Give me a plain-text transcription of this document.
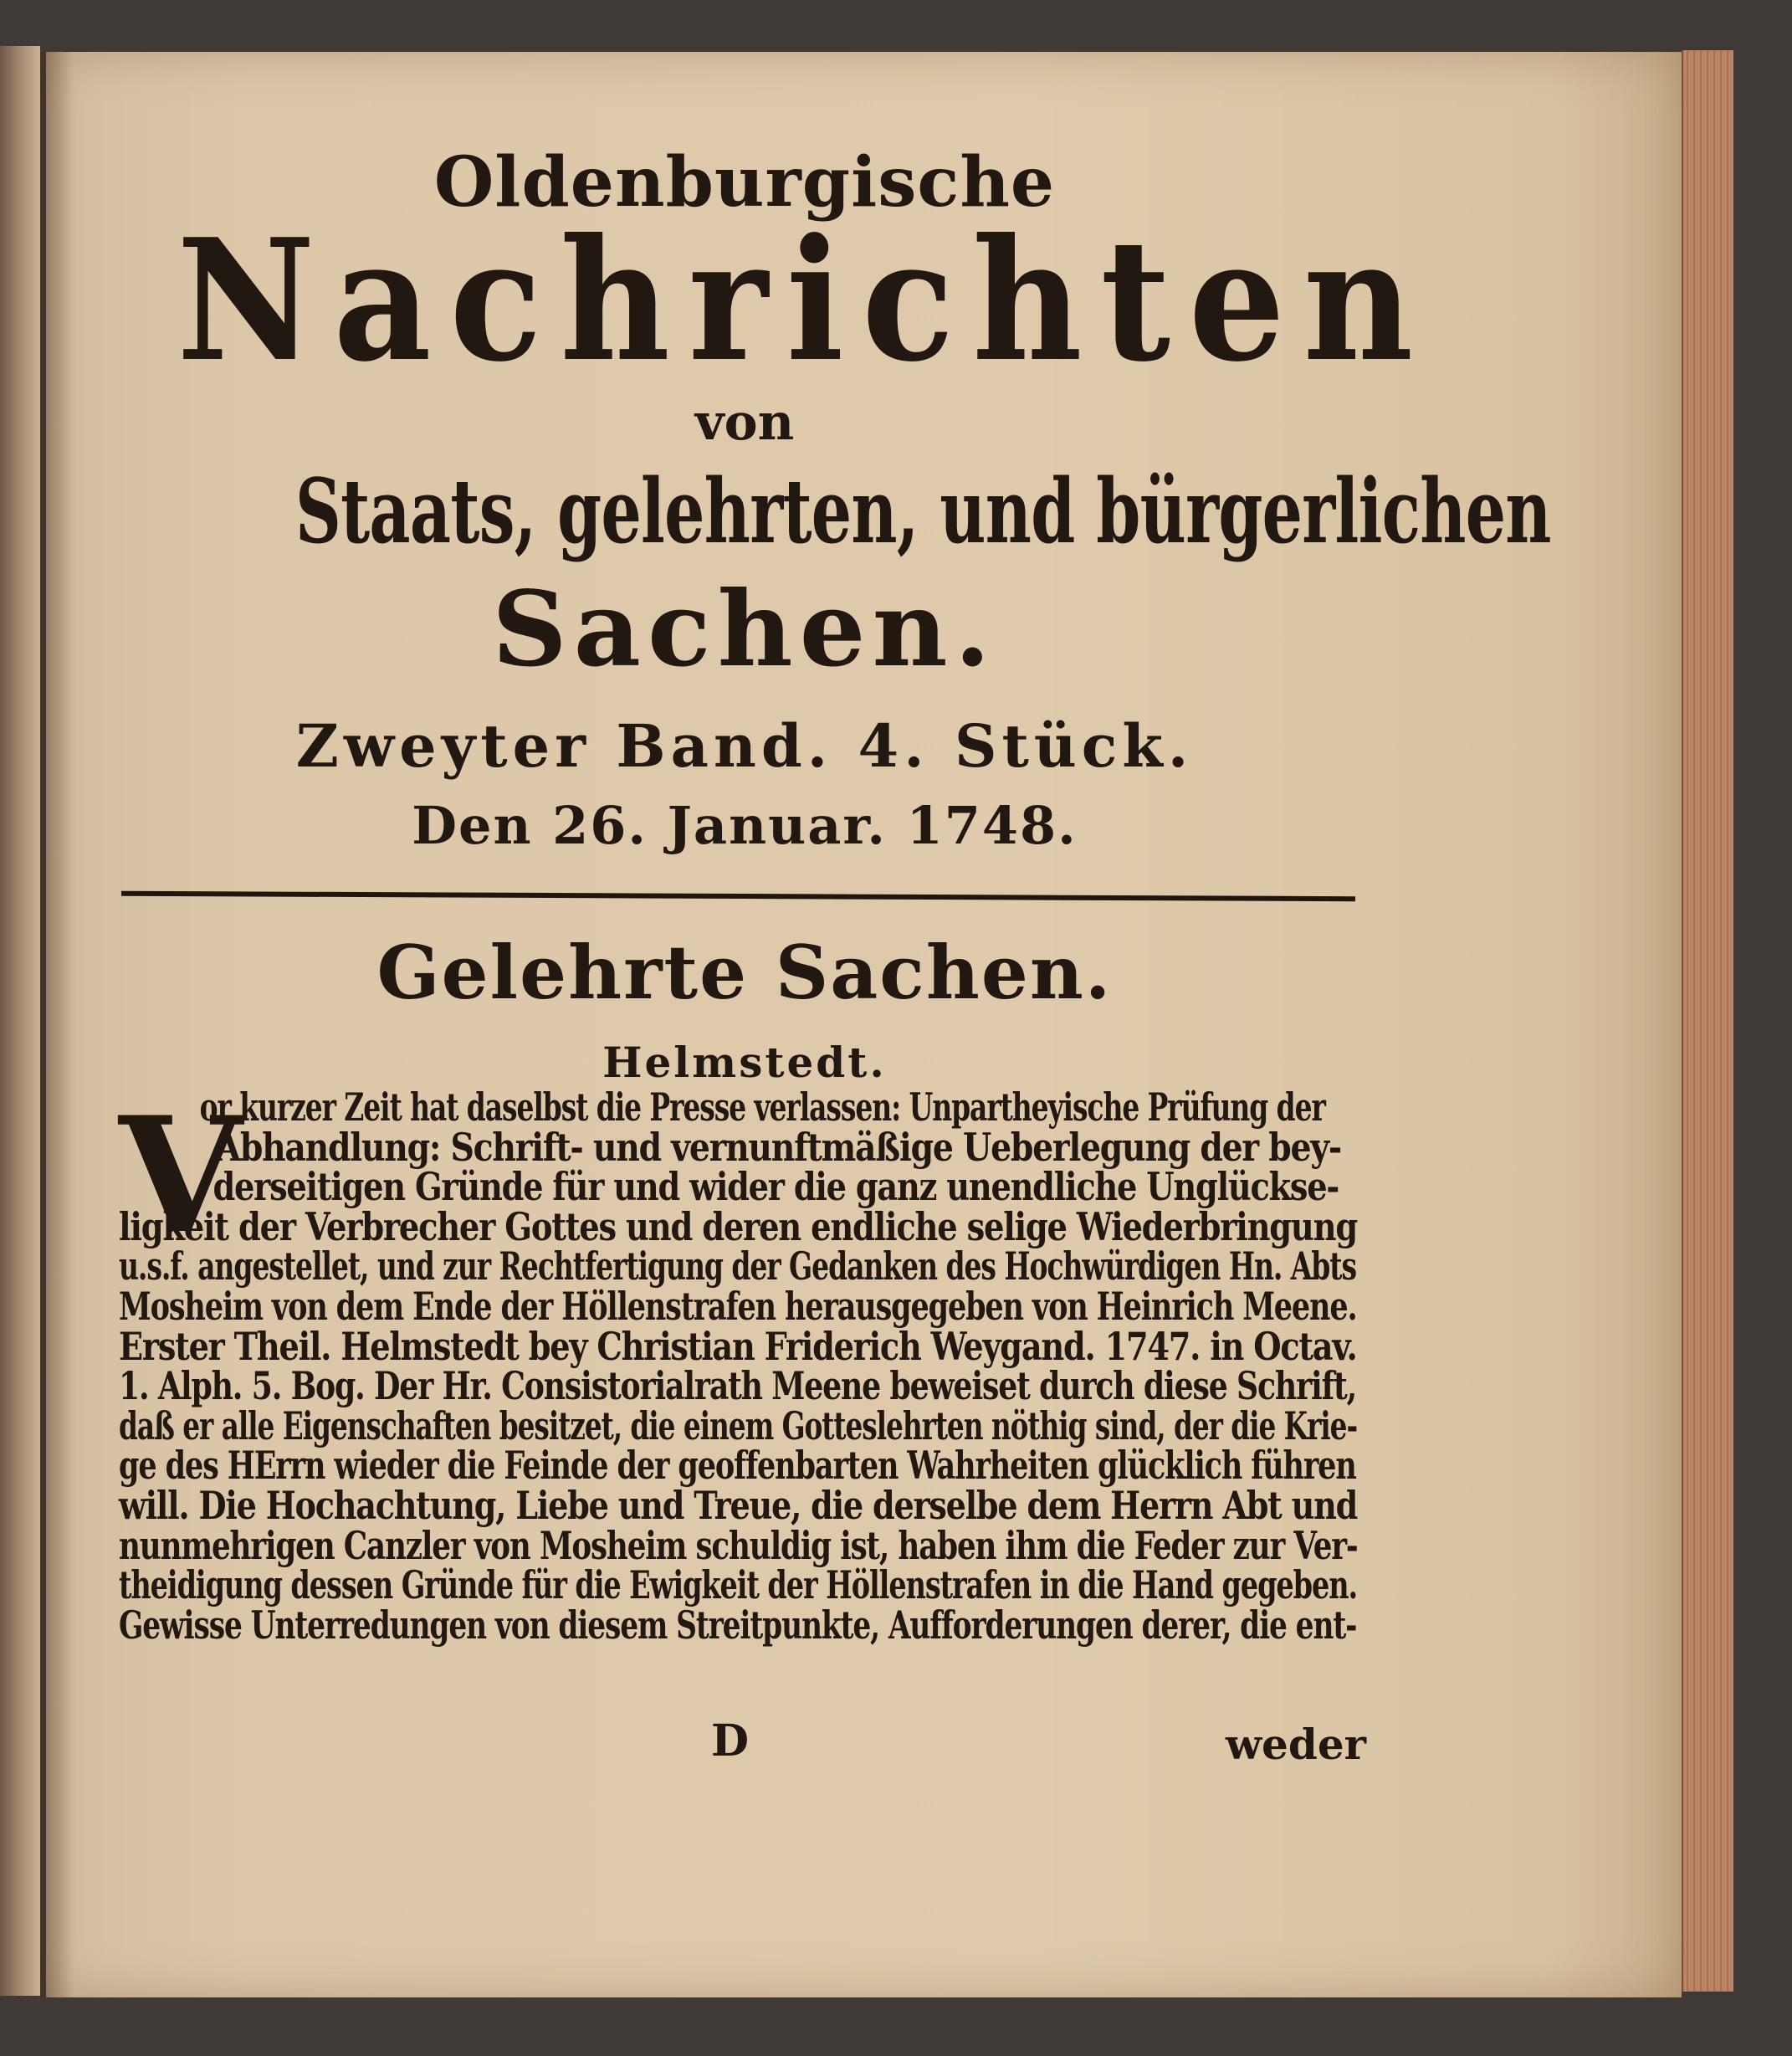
Oldenburgische
Nachrichten
von
Staats, gelehrten, und bürgerlichen
Sachen.
Zweyter Band. 4. Stück.
Den 26. Januar. 1748.
Gelehrte Sachen.
Helmstedt.
V
or kurzer Zeit hat daselbst die Presse verlassen: Unpartheyische Prüfung der
Abhandlung: Schrift- und vernunftmäßige Ueberlegung der bey-
derseitigen Gründe für und wider die ganz unendliche Unglückse-
ligkeit der Verbrecher Gottes und deren endliche selige Wiederbringung
u.s.f. angestellet, und zur Rechtfertigung der Gedanken des Hochwürdigen Hn. Abts
Mosheim von dem Ende der Höllenstrafen herausgegeben von Heinrich Meene.
Erster Theil. Helmstedt bey Christian Friderich Weygand. 1747. in Octav.
1. Alph. 5. Bog. Der Hr. Consistorialrath Meene beweiset durch diese Schrift,
daß er alle Eigenschaften besitzet, die einem Gotteslehrten nöthig sind, der die Krie-
ge des HErrn wieder die Feinde der geoffenbarten Wahrheiten glücklich führen
will. Die Hochachtung, Liebe und Treue, die derselbe dem Herrn Abt und
nunmehrigen Canzler von Mosheim schuldig ist, haben ihm die Feder zur Ver-
theidigung dessen Gründe für die Ewigkeit der Höllenstrafen in die Hand gegeben.
Gewisse Unterredungen von diesem Streitpunkte, Aufforderungen derer, die ent-
D	weder
